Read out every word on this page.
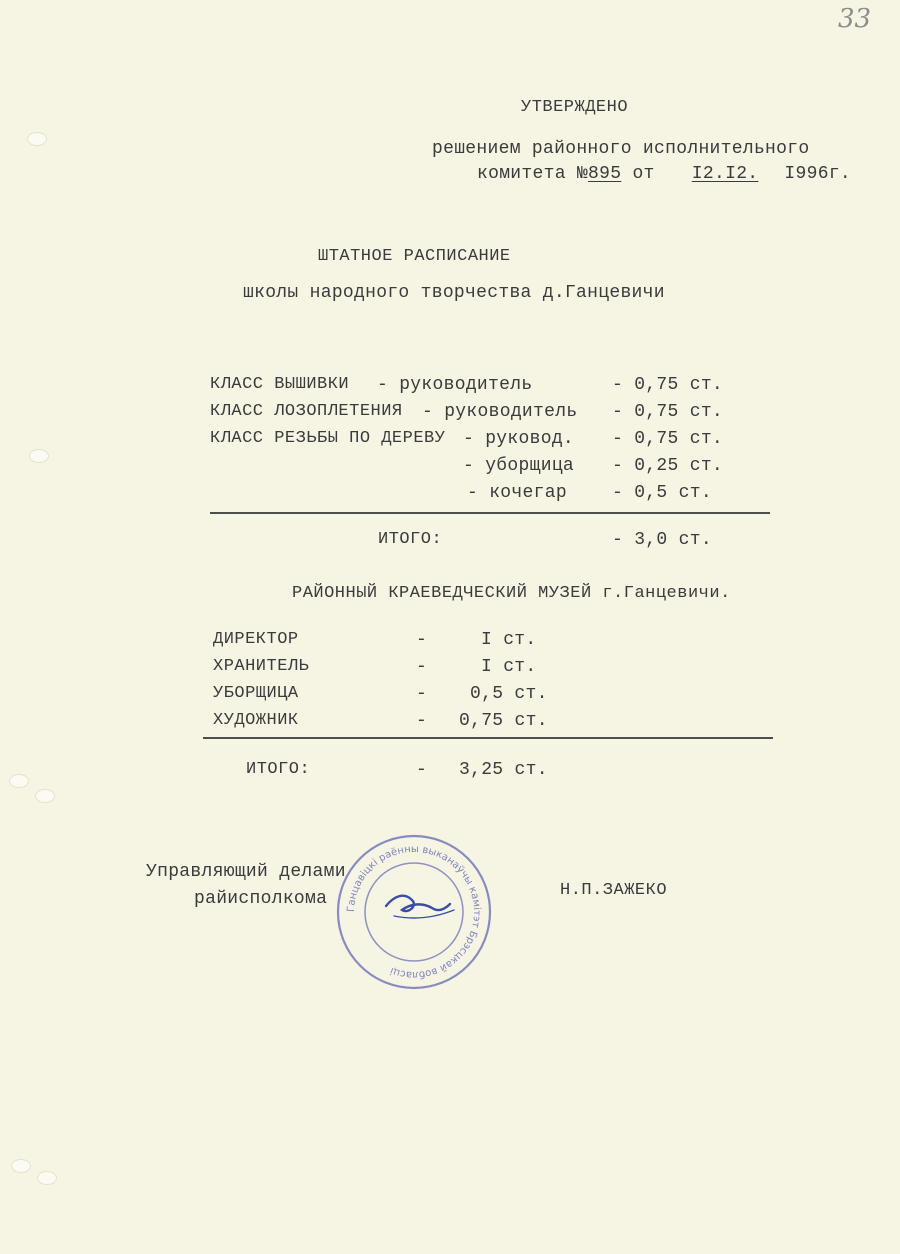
33
УТВЕРЖДЕНО
решением районного исполнительного
комитета №895 от I2.I2. I996г.
ШТАТНОЕ РАСПИСАНИЕ
школы народного творчества д.Ганцевичи
КЛАСС ВЫШИВКИ - руководитель	- 0,75 ст.
КЛАСС ЛОЗОПЛЕТЕНИЯ - руководитель - 0,75 ст.
КЛАСС РЕЗЬБЫ ПО ДЕРЕВУ - руковод. - 0,75 ст.
- уборщица - 0,25 ст.
- кочегар	- 0,5 ст.
ИТОГО:	- 3,0 ст.
РАЙОННЫЙ КРАЕВЕДЧЕСКИЙ МУЗЕЙ г.Ганцевичи.
ДИРЕКТОР	-	I ст.
ХРАНИТЕЛЬ	-	I ст.
УБОРЩИЦА	- 0,5 ст.
ХУДОЖНИК	- 0,75 ст.
ИТОГО:	- 3,25 ст.
Управляющий делами
райисполкома	Н.П.ЗАЖЕКО
Ганцавіцкі раённы выканаўчы камітэт Брэсцкай вобласці
